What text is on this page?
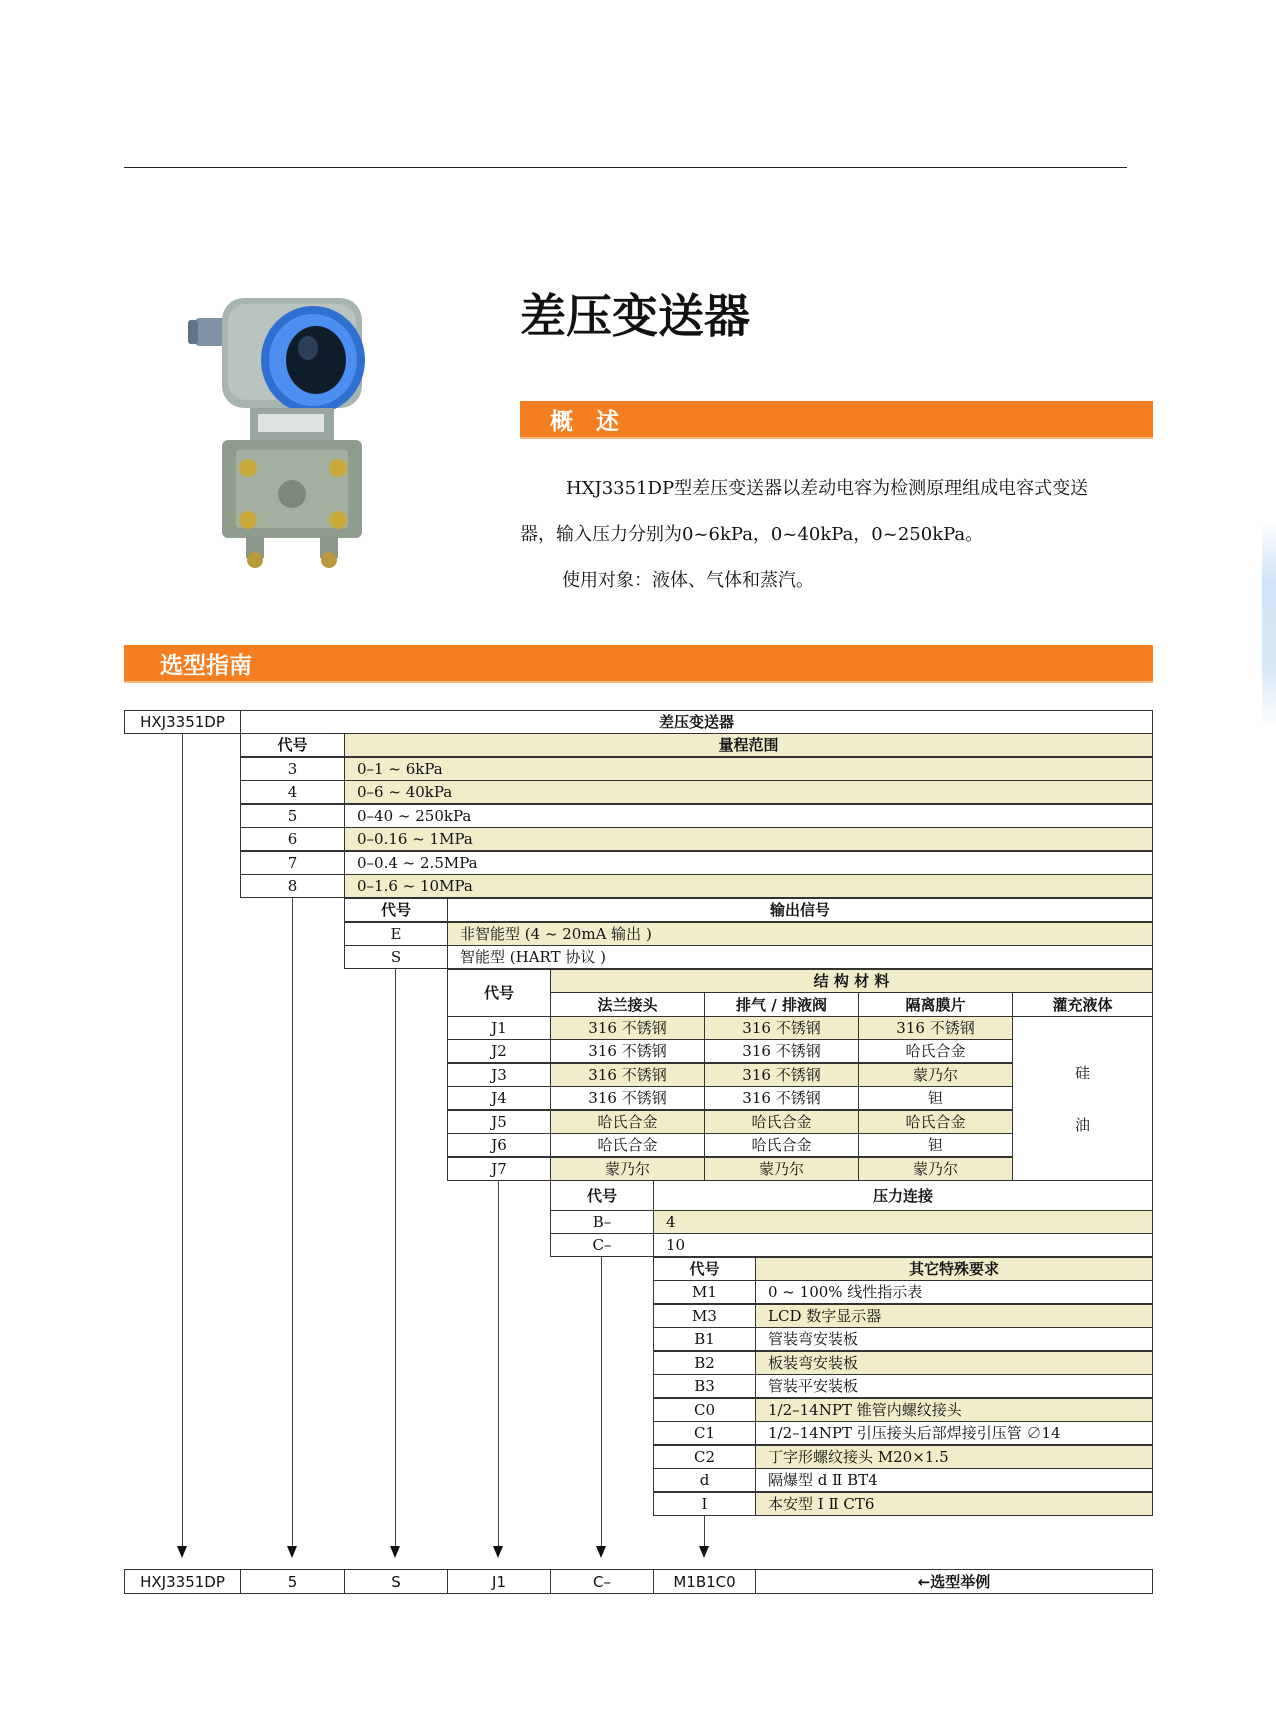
差压变送器
概　述
HXJ3351DP型差压变送器以差动电容为检测原理组成电容式变送
器，输入压力分别为0~6kPa，0~40kPa，0~250kPa。
使用对象：液体、气体和蒸汽。
选型指南
HXJ3351DP	差压变送器
代号	量程范围
3	0–1 ~ 6kPa
4	0–6 ~ 40kPa
5	0–40 ~ 250kPa
6	0–0.16 ~ 1MPa
7	0–0.4 ~ 2.5MPa
8	0–1.6 ~ 10MPa
代号	输出信号
E	非智能型 (4 ~ 20mA 输出 )
S	智能型 (HART 协议 )
代号
结 构 材 料
法兰接头	排气 / 排液阀	隔离膜片	灌充液体
J1	316 不锈钢	316 不锈钢	316 不锈钢
J2	316 不锈钢	316 不锈钢	哈氏合金
J3	316 不锈钢	316 不锈钢	蒙乃尔
J4	316 不锈钢	316 不锈钢	钽
J5	哈氏合金	哈氏合金	哈氏合金
J6	哈氏合金	哈氏合金	钽
J7	蒙乃尔	蒙乃尔	蒙乃尔
硅
油
代号	压力连接
B–	4
C–	10
代号	其它特殊要求
M1	0 ~ 100% 线性指示表
M3	LCD 数字显示器
B1	管装弯安装板
B2	板装弯安装板
B3	管装平安装板
C0	1/2–14NPT 锥管内螺纹接头
C1	1/2–14NPT 引压接头后部焊接引压管 ∅14
C2	丁字形螺纹接头 M20×1.5
d	隔爆型 d Ⅱ BT4
I	本安型 I Ⅱ CT6
HXJ3351DP	5	S	J1	C–	M1B1C0	←选型举例
